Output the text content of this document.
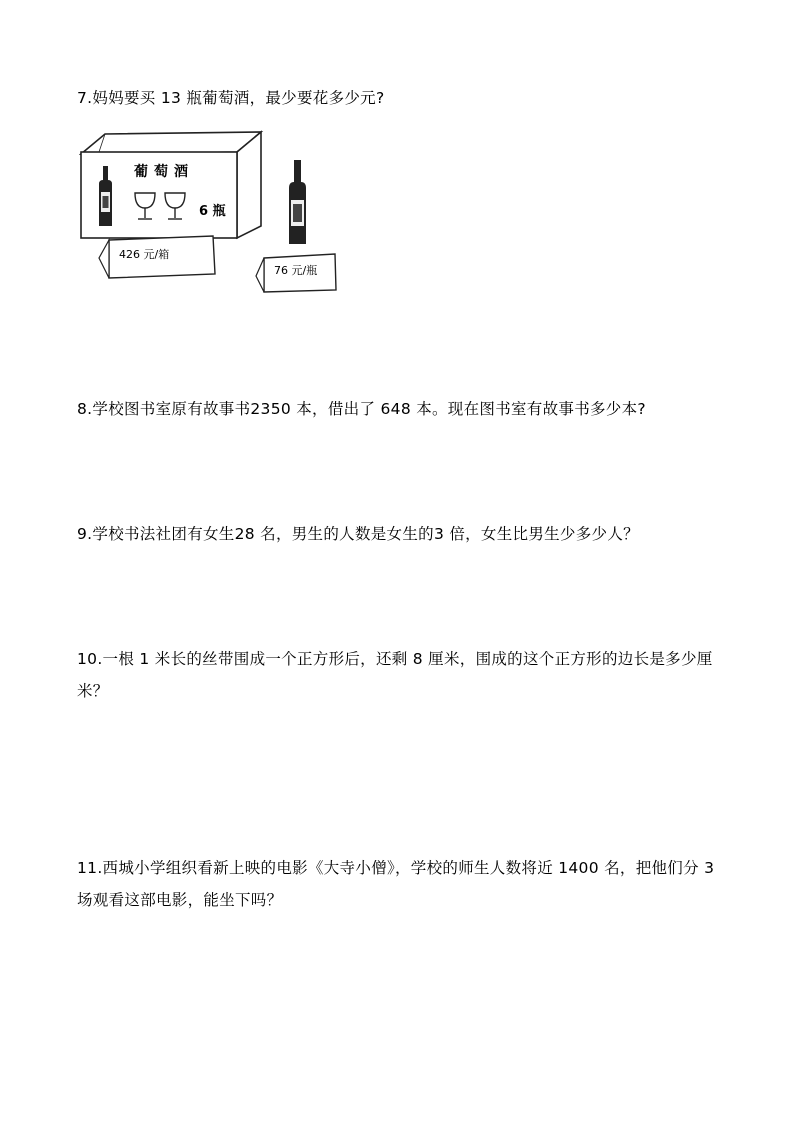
7.妈妈要买 13 瓶葡萄酒，最少要花多少元?
葡萄酒
6 瓶
426 元/箱
76 元/瓶
8.学校图书室原有故事书2350 本，借出了 648 本。现在图书室有故事书多少本?
9.学校书法社团有女生28 名，男生的人数是女生的3 倍，女生比男生少多少人？
10.一根 1 米长的丝带围成一个正方形后，还剩 8 厘米，围成的这个正方形的边长是多少厘米？
11.西城小学组织看新上映的电影《大寺小僧》，学校的师生人数将近 1400 名，把他们分 3 场观看这部电影，能坐下吗？
